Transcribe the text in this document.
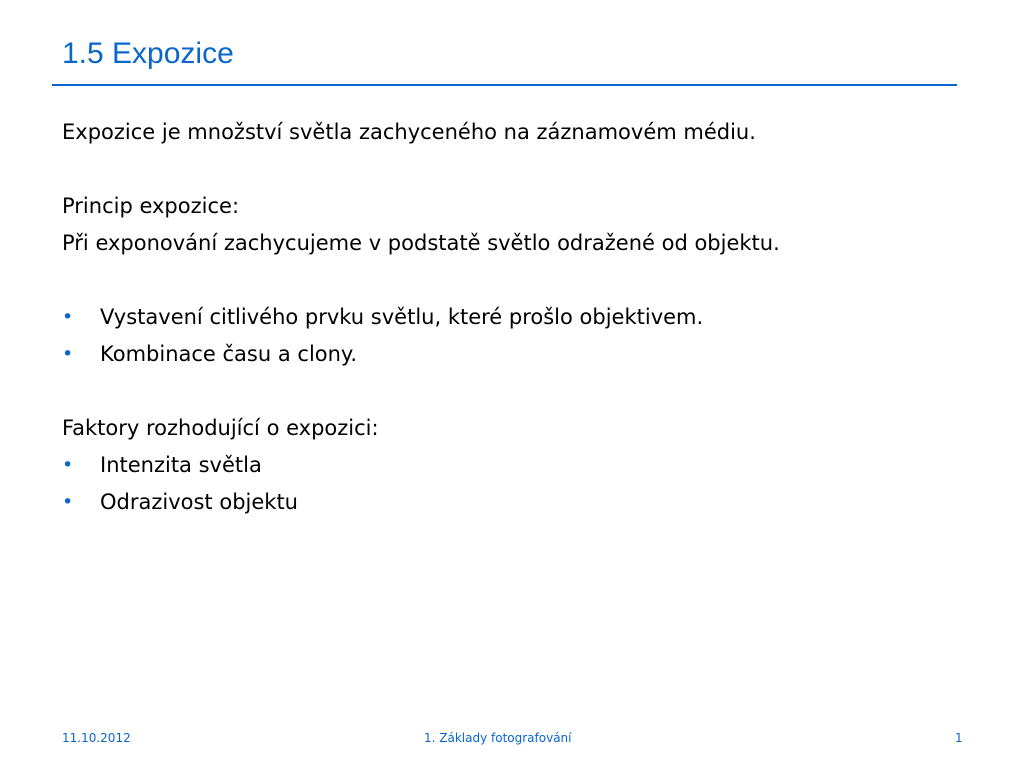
1.5 Expozice
Expozice je množství světla zachyceného na záznamovém médiu.
Princip expozice:
Při exponování zachycujeme v podstatě světlo odražené od objektu.
• Vystavení citlivého prvku světlu, které prošlo objektivem.
• Kombinace času a clony.
Faktory rozhodující o expozici:
• Intenzita světla
• Odrazivost objektu
11.10.2012	1. Základy fotografování	1
